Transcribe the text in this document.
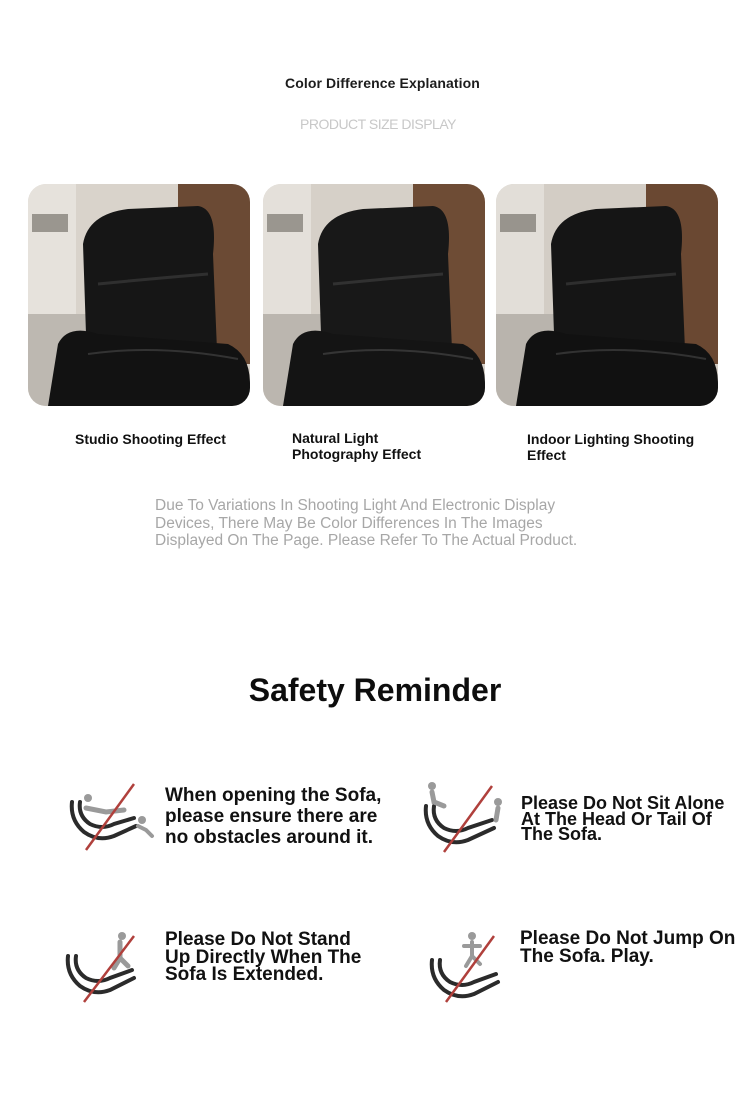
Color Difference Explanation
PRODUCT SIZE DISPLAY
Studio Shooting Effect	Natural Light Photography Effect
Indoor Lighting Shooting Effect
Due To Variations In Shooting Light And Electronic Display Devices, There May Be Color Differences In The Images Displayed On The Page. Please Refer To The Actual Product.
Safety Reminder
When opening the Sofa, please ensure there are no obstacles around it.
Please Do Not Sit Alone At The Head Or Tail Of The Sofa.
Please Do Not Stand Up Directly When The Sofa Is Extended.
Please Do Not Jump On The Sofa. Play.
